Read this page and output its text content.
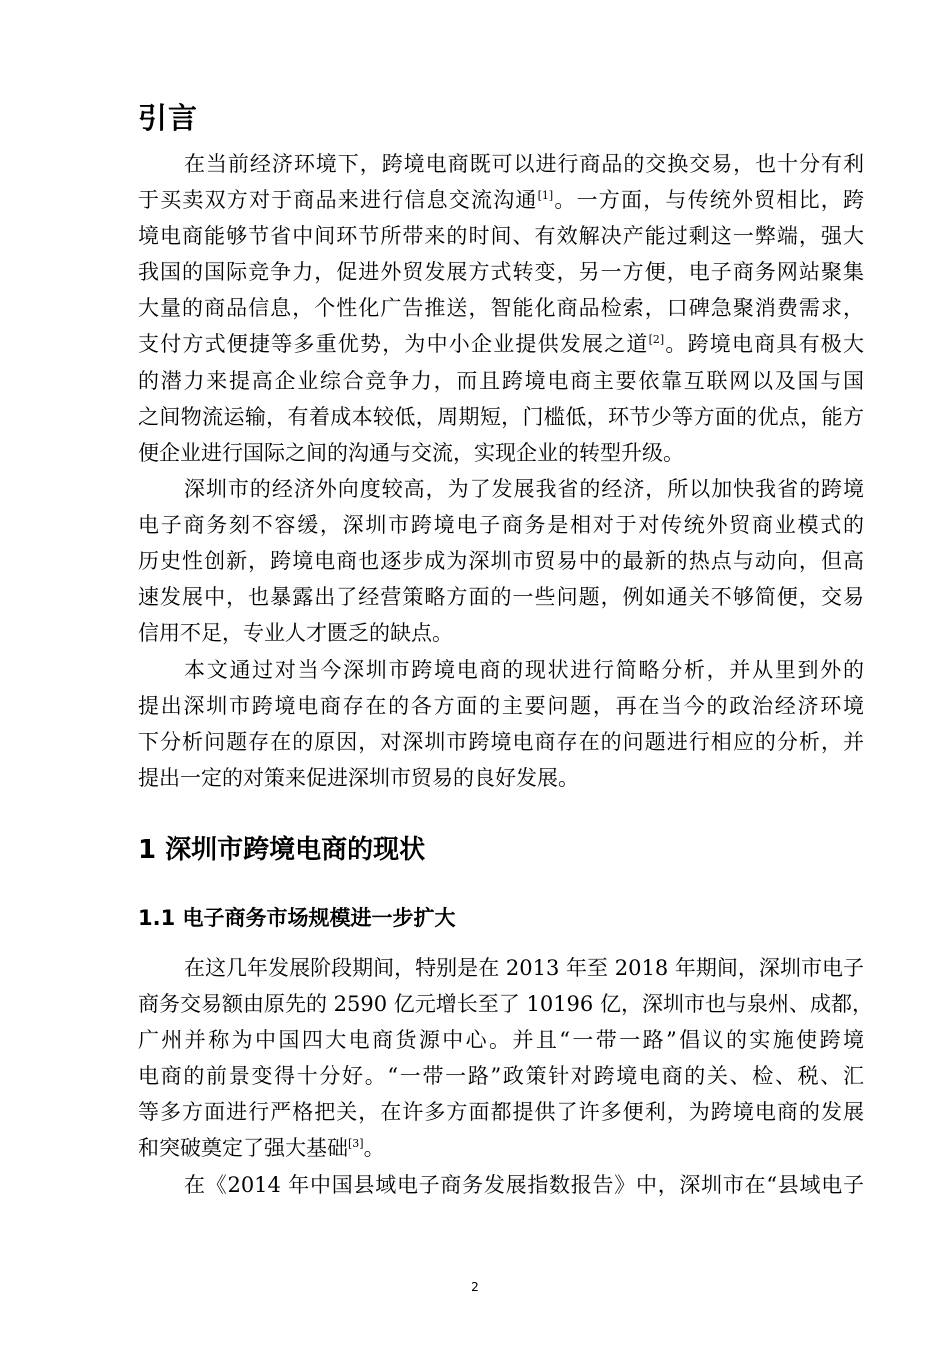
引言
在当前经济环境下，跨境电商既可以进行商品的交换交易，也十分有利
于买卖双方对于商品来进行信息交流沟通[1]。一方面，与传统外贸相比，跨
境电商能够节省中间环节所带来的时间、有效解决产能过剩这一弊端，强大
我国的国际竞争力，促进外贸发展方式转变，另一方便，电子商务网站聚集
大量的商品信息，个性化广告推送，智能化商品检索，口碑急聚消费需求，
支付方式便捷等多重优势，为中小企业提供发展之道[2]。跨境电商具有极大
的潜力来提高企业综合竞争力，而且跨境电商主要依靠互联网以及国与国
之间物流运输，有着成本较低，周期短，门槛低，环节少等方面的优点，能方
便企业进行国际之间的沟通与交流，实现企业的转型升级。
深圳市的经济外向度较高，为了发展我省的经济，所以加快我省的跨境
电子商务刻不容缓，深圳市跨境电子商务是相对于对传统外贸商业模式的
历史性创新，跨境电商也逐步成为深圳市贸易中的最新的热点与动向，但高
速发展中，也暴露出了经营策略方面的一些问题，例如通关不够简便，交易
信用不足，专业人才匮乏的缺点。
本文通过对当今深圳市跨境电商的现状进行简略分析，并从里到外的
提出深圳市跨境电商存在的各方面的主要问题，再在当今的政治经济环境
下分析问题存在的原因，对深圳市跨境电商存在的问题进行相应的分析，并
提出一定的对策来促进深圳市贸易的良好发展。
1 深圳市跨境电商的现状
1.1 电子商务市场规模进一步扩大
在这几年发展阶段期间，特别是在 2013 年至 2018 年期间，深圳市电子
商务交易额由原先的 2590 亿元增长至了 10196 亿，深圳市也与泉州、成都，
广州并称为中国四大电商货源中心。并且“一带一路”倡议的实施使跨境
电商的前景变得十分好。“一带一路”政策针对跨境电商的关、检、税、汇
等多方面进行严格把关，在许多方面都提供了许多便利，为跨境电商的发展
和突破奠定了强大基础[3]。
在《2014 年中国县域电子商务发展指数报告》中，深圳市在“县域电子
2
